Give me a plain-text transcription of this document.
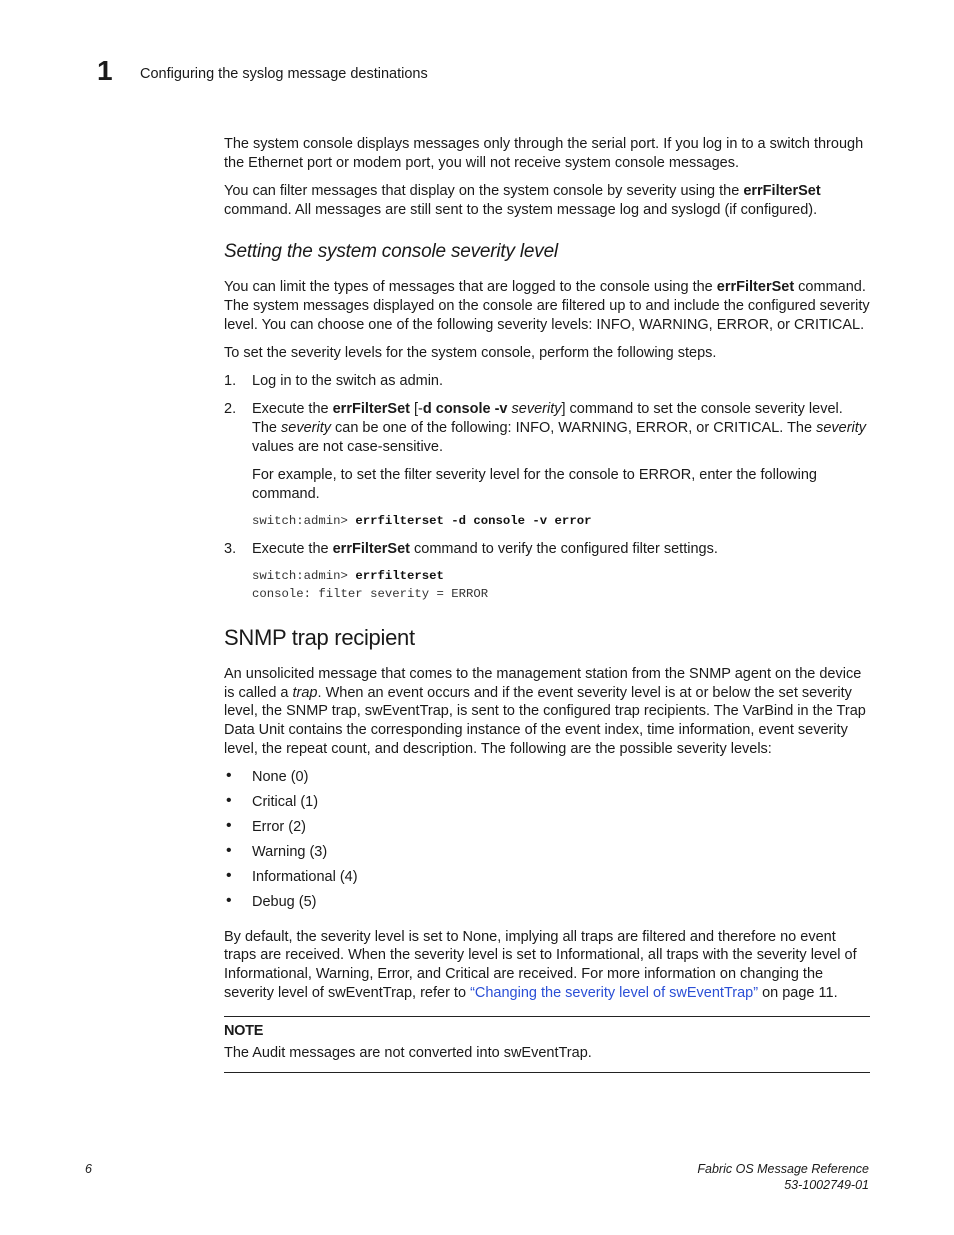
1 Configuring the syslog message destinations

The system console displays messages only through the serial port. If you log in to a switch through the Ethernet port or modem port, you will not receive system console messages.

You can filter messages that display on the system console by severity using the errFilterSet command. All messages are still sent to the system message log and syslogd (if configured).

Setting the system console severity level

You can limit the types of messages that are logged to the console using the errFilterSet command. The system messages displayed on the console are filtered up to and include the configured severity level. You can choose one of the following severity levels: INFO, WARNING, ERROR, or CRITICAL.

To set the severity levels for the system console, perform the following steps.

1. Log in to the switch as admin.
2. Execute the errFilterSet [-d console -v severity] command to set the console severity level. The severity can be one of the following: INFO, WARNING, ERROR, or CRITICAL. The severity values are not case-sensitive.

For example, to set the filter severity level for the console to ERROR, enter the following command.

switch:admin> errfilterset -d console -v error
3. Execute the errFilterSet command to verify the configured filter settings.

switch:admin> errfilterset
console: filter severity = ERROR
SNMP trap recipient

An unsolicited message that comes to the management station from the SNMP agent on the device is called a trap. When an event occurs and if the event severity level is at or below the set severity level, the SNMP trap, swEventTrap, is sent to the configured trap recipients. The VarBind in the Trap Data Unit contains the corresponding instance of the event index, time information, event severity level, the repeat count, and description. The following are the possible severity levels:

• None (0)
• Critical (1)
• Error (2)
• Warning (3)
• Informational (4)
• Debug (5)

By default, the severity level is set to None, implying all traps are filtered and therefore no event traps are received. When the severity level is set to Informational, all traps with the severity level of Informational, Warning, Error, and Critical are received. For more information on changing the severity level of swEventTrap, refer to “Changing the severity level of swEventTrap” on page 11.

NOTE
The Audit messages are not converted into swEventTrap.
6	Fabric OS Message Reference
53-1002749-01
